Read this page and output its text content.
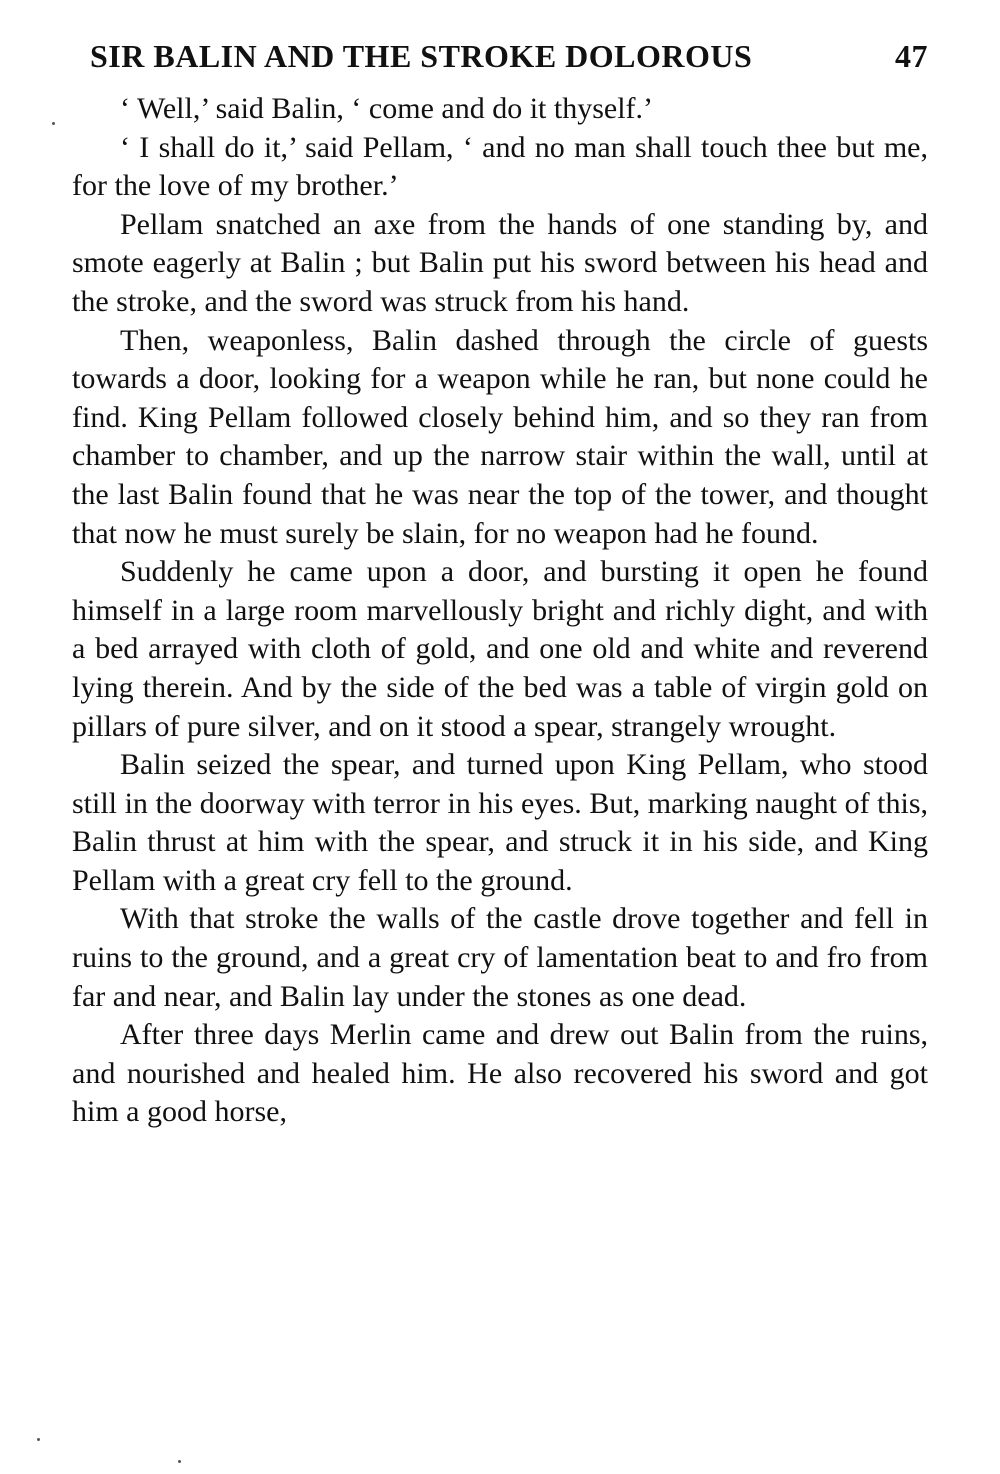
SIR BALIN AND THE STROKE DOLOROUS	47

‘ Well,’ said Balin, ‘ come and do it thyself.’

‘ I shall do it,’ said Pellam, ‘ and no man shall touch thee but me, for the love of my brother.’

Pellam snatched an axe from the hands of one standing by, and smote eagerly at Balin ; but Balin put his sword between his head and the stroke, and the sword was struck from his hand.

Then, weaponless, Balin dashed through the circle of guests towards a door, looking for a weapon while he ran, but none could he find. King Pellam followed closely behind him, and so they ran from chamber to chamber, and up the narrow stair within the wall, until at the last Balin found that he was near the top of the tower, and thought that now he must surely be slain, for no weapon had he found.

Suddenly he came upon a door, and bursting it open he found himself in a large room marvellously bright and richly dight, and with a bed arrayed with cloth of gold, and one old and white and reverend lying therein. And by the side of the bed was a table of virgin gold on pillars of pure silver, and on it stood a spear, strangely wrought.

Balin seized the spear, and turned upon King Pellam, who stood still in the doorway with terror in his eyes. But, marking naught of this, Balin thrust at him with the spear, and struck it in his side, and King Pellam with a great cry fell to the ground.

With that stroke the walls of the castle drove together and fell in ruins to the ground, and a great cry of lamentation beat to and fro from far and near, and Balin lay under the stones as one dead.

After three days Merlin came and drew out Balin from the ruins, and nourished and healed him. He also recovered his sword and got him a good horse,
